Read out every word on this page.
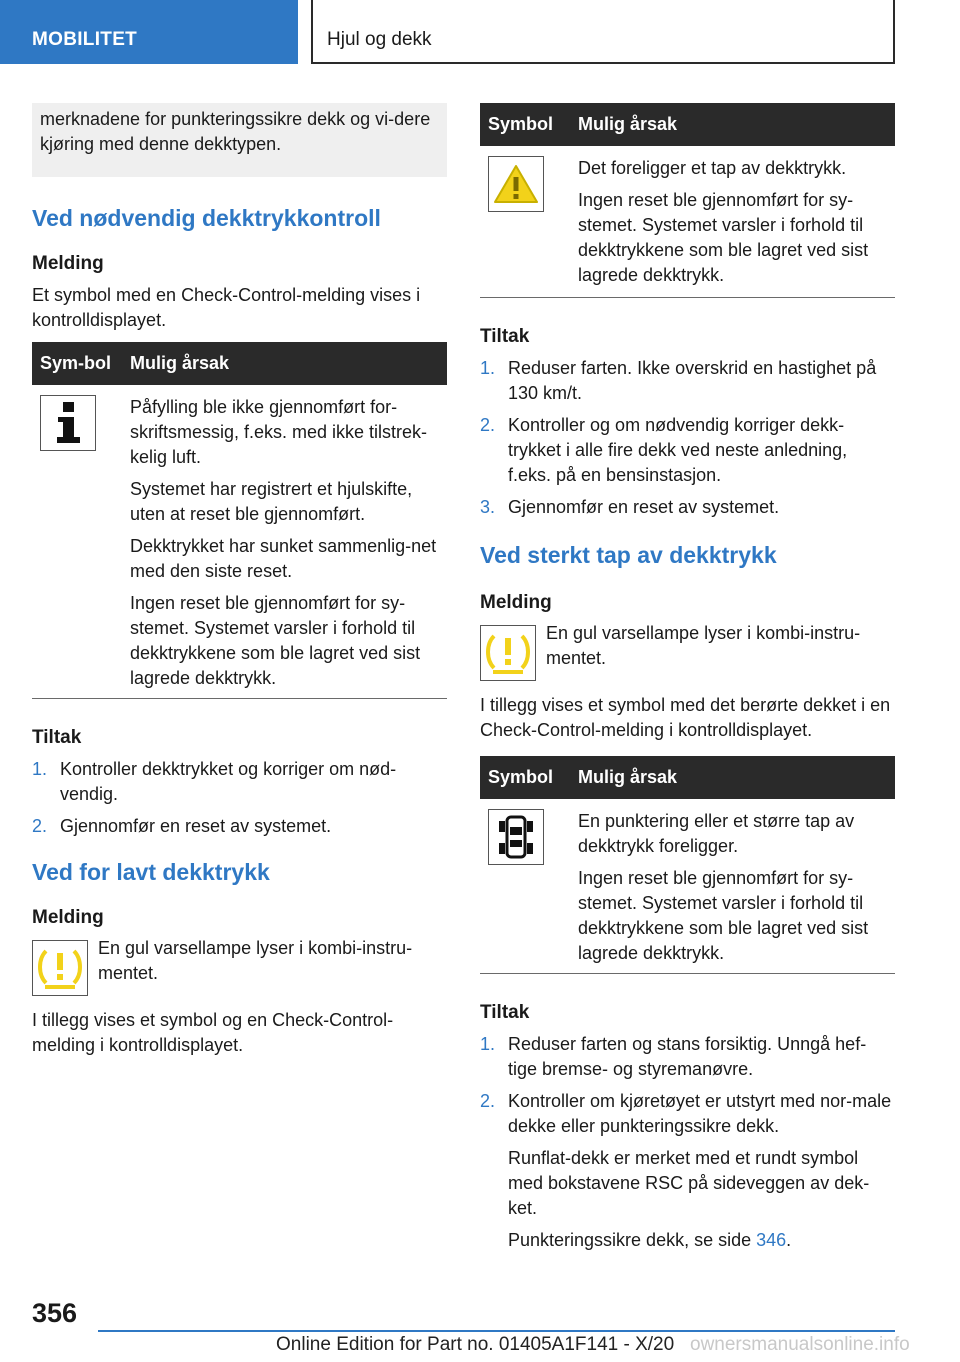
MOBILITET	Hjul og dekk
merknadene for punkteringssikre dekk og vi-dere kjøring med denne dekktypen.
Ved nødvendig dekktrykkontroll
Melding

Et symbol med en Check-Control-melding vises i kontrolldisplayet.

Sym-bol	Mulig årsak

Påfylling ble ikke gjennomført for-skriftsmessig, f.eks. med ikke tilstrek-kelig luft.
Systemet har registrert et hjulskifte, uten at reset ble gjennomført.
Dekktrykket har sunket sammenlig-net med den siste reset.
Ingen reset ble gjennomført for sy-stemet. Systemet varsler i forhold til dekktrykkene som ble lagret ved sist lagrede dekktrykk.
Tiltak
1. Kontroller dekktrykket og korriger om nød-vendig.
2. Gjennomfør en reset av systemet.
Ved for lavt dekktrykk
Melding

En gul varsellampe lyser i kombi-instru-mentet.

I tillegg vises et symbol og en Check-Control-melding i kontrolldisplayet.

Symbol	Mulig årsak

Det foreligger et tap av dekktrykk.
Ingen reset ble gjennomført for sy-stemet. Systemet varsler i forhold til dekktrykkene som ble lagret ved sist lagrede dekktrykk.
Tiltak
1. Reduser farten. Ikke overskrid en hastighet på 130 km/t.
2. Kontroller og om nødvendig korriger dekk-trykket i alle fire dekk ved neste anledning, f.eks. på en bensinstasjon.
3. Gjennomfør en reset av systemet.
Ved sterkt tap av dekktrykk
Melding

En gul varsellampe lyser i kombi-instru-mentet.

I tillegg vises et symbol med det berørte dekket i en Check-Control-melding i kontrolldisplayet.

Symbol	Mulig årsak

En punktering eller et større tap av dekktrykk foreligger.
Ingen reset ble gjennomført for sy-stemet. Systemet varsler i forhold til dekktrykkene som ble lagret ved sist lagrede dekktrykk.
Tiltak
1. Reduser farten og stans forsiktig. Unngå hef-tige bremse- og styremanøvre.
2. Kontroller om kjøretøyet er utstyrt med nor-male dekke eller punkteringssikre dekk.

Runflat-dekk er merket med et rundt symbol med bokstavene RSC på sideveggen av dek-ket.

Punkteringssikre dekk, se side 346.

356
Online Edition for Part no. 01405A1F141 - X/20 ownersmanualsonline.info
